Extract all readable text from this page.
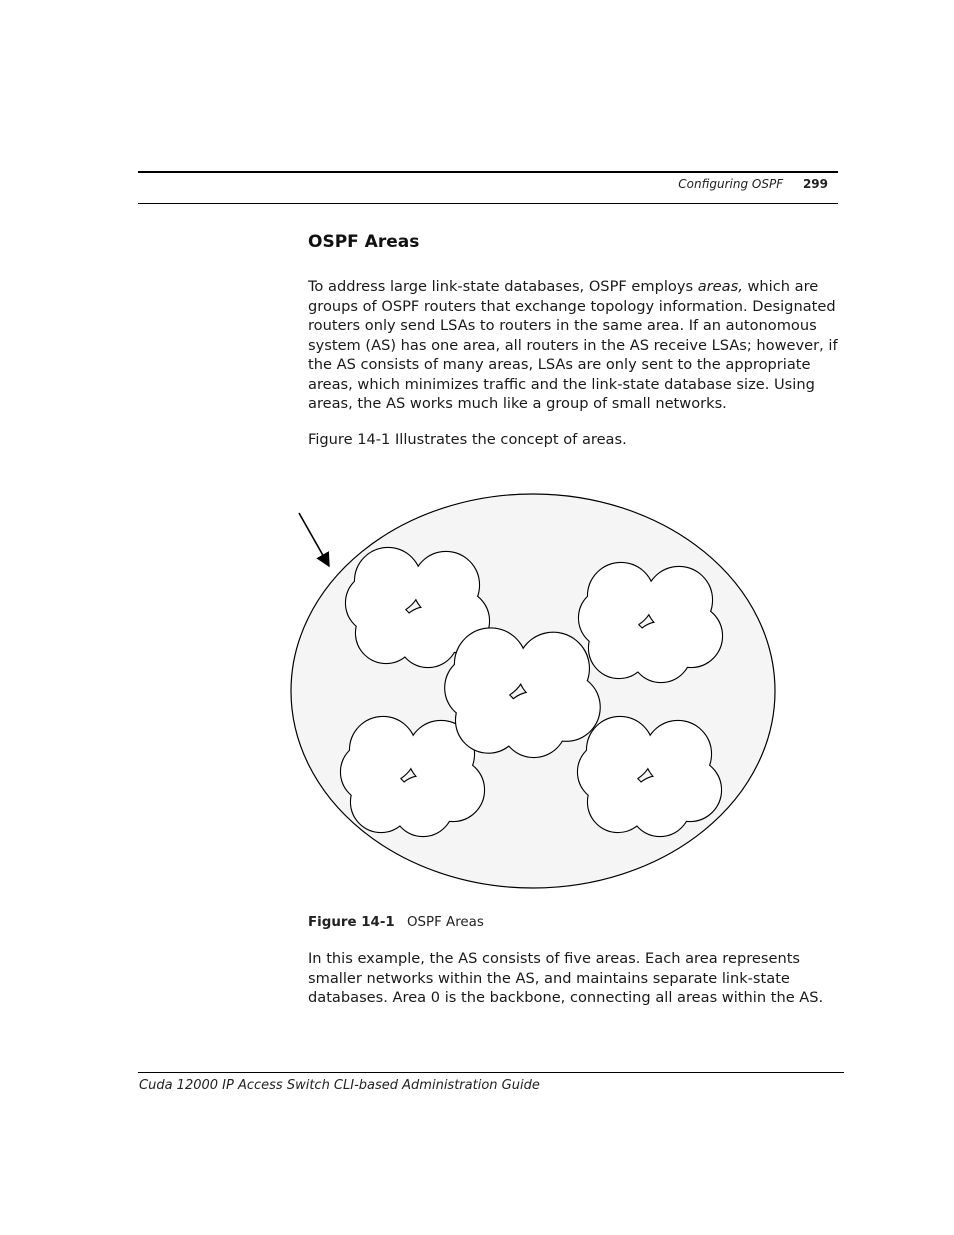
Configuring OSPF 299
OSPF Areas

To address large link-state databases, OSPF employs areas, which are groups of OSPF routers that exchange topology information. Designated routers only send LSAs to routers in the same area. If an autonomous system (AS) has one area, all routers in the AS receive LSAs; however, if the AS consists of many areas, LSAs are only sent to the appropriate areas, which minimizes traffic and the link-state database size. Using areas, the AS works much like a group of small networks.

Figure 14-1 Illustrates the concept of areas.

Figure 14-1 OSPF Areas

In this example, the AS consists of five areas. Each area represents smaller networks within the AS, and maintains separate link-state databases. Area 0 is the backbone, connecting all areas within the AS.

Cuda 12000 IP Access Switch CLI-based Administration Guide
